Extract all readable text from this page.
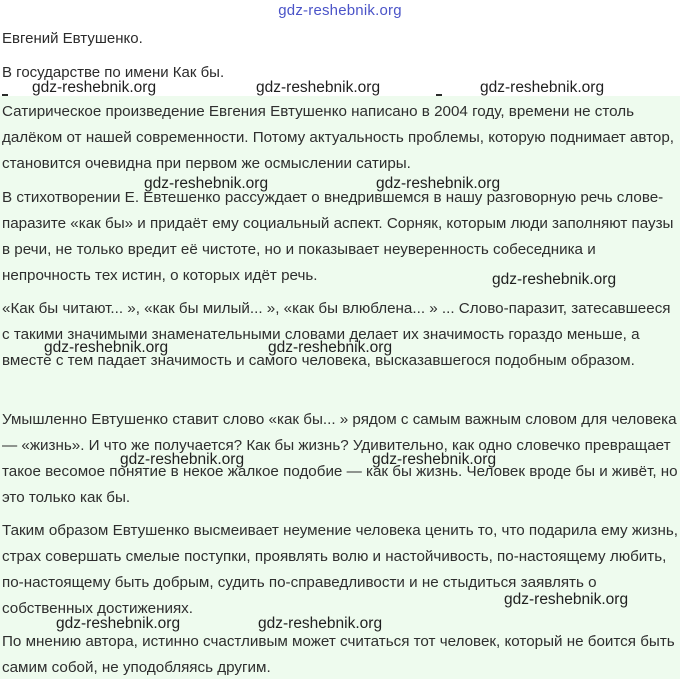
gdz-reshebnik.org
Евгений Евтушенко.
В государстве по имени Как бы.
Сатирическое произведение Евгения Евтушенко написано в 2004 году, времени не столь далёком от нашей современности. Потому актуальность проблемы, которую поднимает автор, становится очевидна при первом же осмыслении сатиры.
В стихотворении Е. Евтешенко рассуждает о внедрившемся в нашу разговорную речь слове-паразите «как бы» и придаёт ему социальный аспект. Сорняк, которым люди заполняют паузы в речи, не только вредит её чистоте, но и показывает неуверенность собеседника и непрочность тех истин, о которых идёт речь.
«Как бы читают... », «как бы милый... », «как бы влюблена... » ... Слово-паразит, затесавшееся с такими значимыми знаменательными словами делает их значимость гораздо меньше, а вместе с тем падает значимость и самого человека, высказавшегося подобным образом.
Умышленно Евтушенко ставит слово «как бы... » рядом с самым важным словом для человека — «жизнь». И что же получается? Как бы жизнь? Удивительно, как одно словечко превращает такое весомое понятие в некое жалкое подобие — как бы жизнь. Человек вроде бы и живёт, но это только как бы.
Таким образом Евтушенко высмеивает неумение человека ценить то, что подарила ему жизнь, страх совершать смелые поступки, проявлять волю и настойчивость, по-настоящему любить, по-настоящему быть добрым, судить по-справедливости и не стыдиться заявлять о собственных достижениях.
По мнению автора, истинно счастливым может считаться тот человек, который не боится быть самим собой, не уподобляясь другим.
gdz-reshebnik.org	gdz-reshebnik.org	gdz-reshebnik.org
gdz-reshebnik.org	gdz-reshebnik.org
gdz-reshebnik.org
gdz-reshebnik.org	gdz-reshebnik.org
gdz-reshebnik.org	gdz-reshebnik.org
gdz-reshebnik.org
gdz-reshebnik.org	gdz-reshebnik.org
